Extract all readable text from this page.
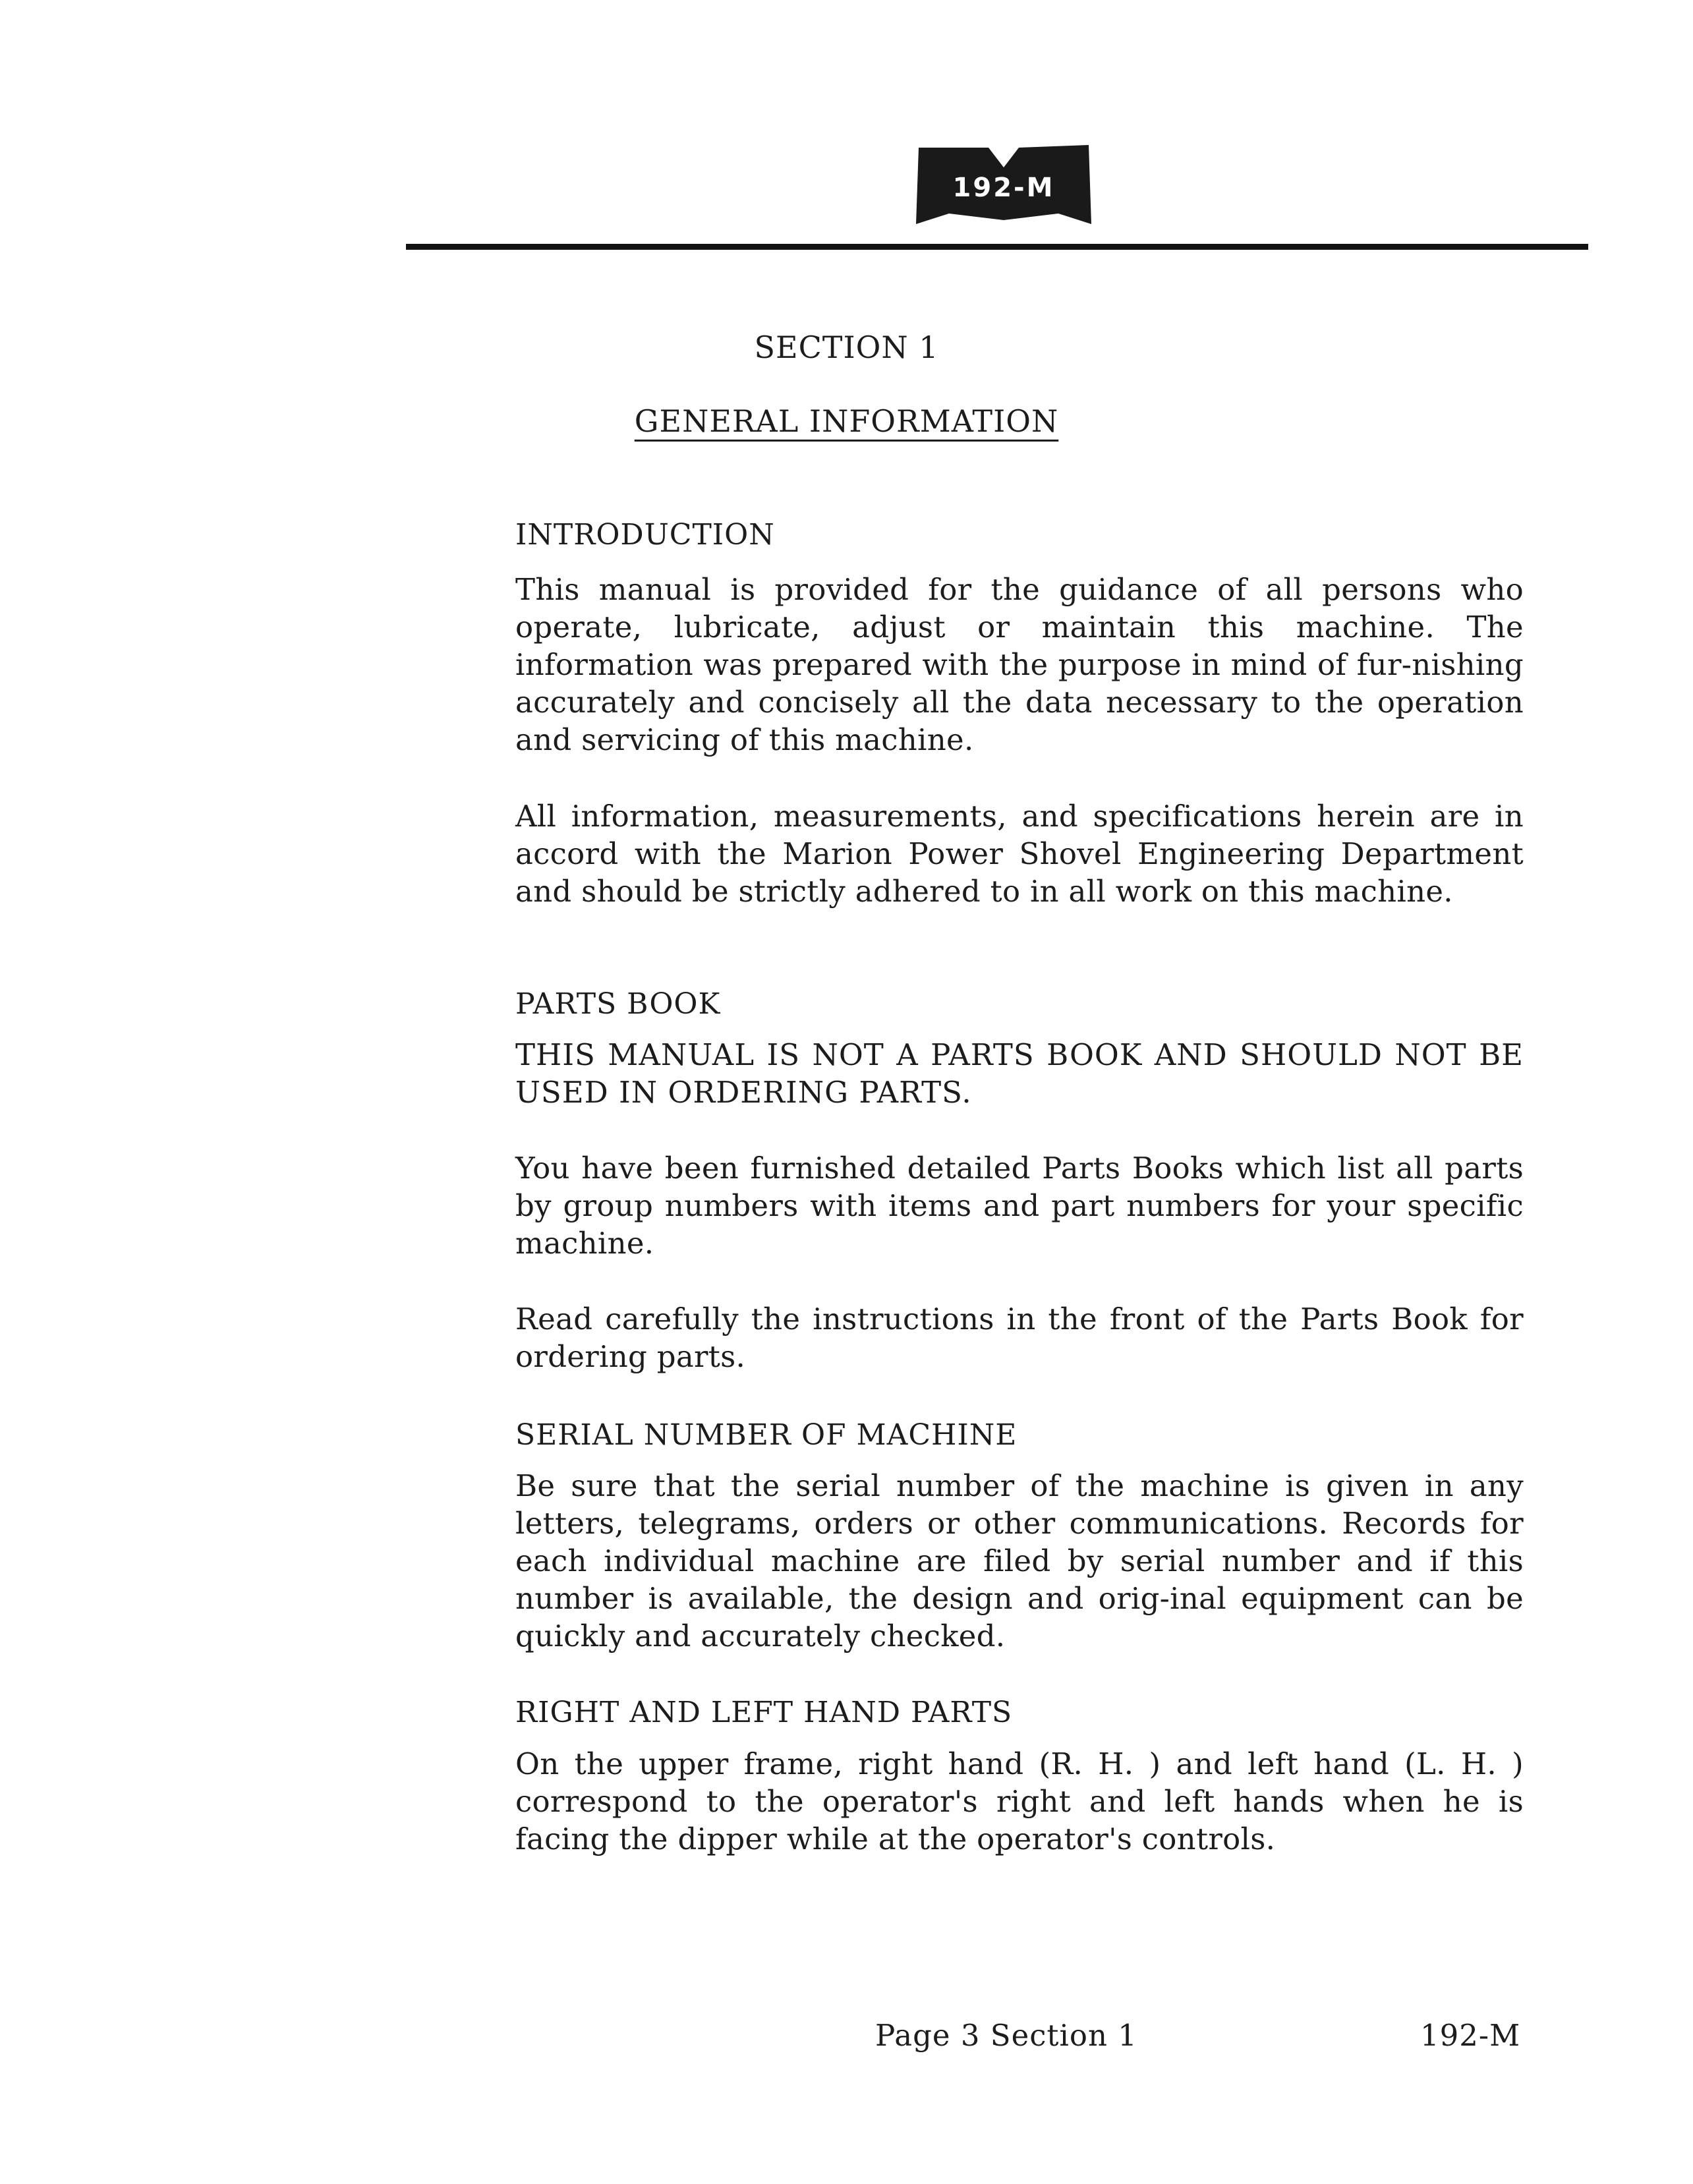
192-M
SECTION 1
GENERAL INFORMATION
INTRODUCTION
This manual is provided for the guidance of all persons who operate, lubricate, adjust or maintain this machine. The information was prepared with the purpose in mind of fur-nishing accurately and concisely all the data necessary to the operation and servicing of this machine.
All information, measurements, and specifications herein are in accord with the Marion Power Shovel Engineering Department and should be strictly adhered to in all work on this machine.
PARTS BOOK
THIS MANUAL IS NOT A PARTS BOOK AND SHOULD NOT BE USED IN ORDERING PARTS.
You have been furnished detailed Parts Books which list all parts by group numbers with items and part numbers for your specific machine.
Read carefully the instructions in the front of the Parts Book for ordering parts.
SERIAL NUMBER OF MACHINE
Be sure that the serial number of the machine is given in any letters, telegrams, orders or other communications. Records for each individual machine are filed by serial number and if this number is available, the design and orig-inal equipment can be quickly and accurately checked.
RIGHT AND LEFT HAND PARTS
On the upper frame, right hand (R. H. ) and left hand (L. H. ) correspond to the operator's right and left hands when he is facing the dipper while at the operator's controls.
Page 3 Section 1	192-M
